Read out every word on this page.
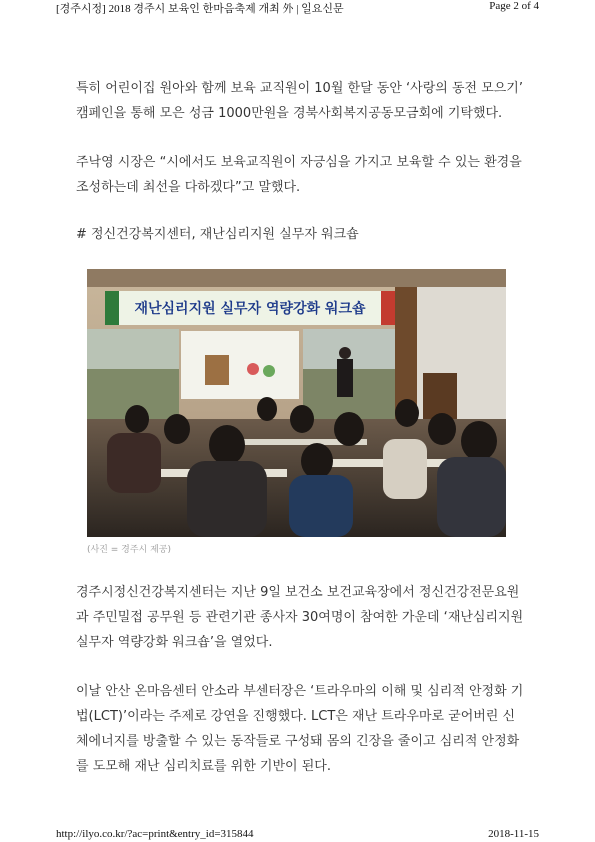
[경주시정] 2018 경주시 보육인 한마음축제 개최 外 | 일요신문	Page 2 of 4
특히 어린이집 원아와 함께 보육 교직원이 10월 한달 동안 ‘사랑의 동전 모으기’ 캠페인을 통해 모은 성금 1000만원을 경북사회복지공동모금회에 기탁했다.
주낙영 시장은 “시에서도 보육교직원이 자긍심을 가지고 보육할 수 있는 환경을 조성하는데 최선을 다하겠다”고 말했다.
# 정신건강복지센터, 재난심리지원 실무자 워크숍
재난심리지원 실무자 역량강화 워크숍
(사진 = 경주시 제공)
경주시정신건강복지센터는 지난 9일 보건소 보건교육장에서 정신건강전문요원과 주민밀접 공무원 등 관련기관 종사자 30여명이 참여한 가운데 ‘재난심리지원 실무자 역량강화 워크숍’을 열었다.
이날 안산 온마음센터 안소라 부센터장은 ‘트라우마의 이해 및 심리적 안정화 기법(LCT)’이라는 주제로 강연을 진행했다. LCT은 재난 트라우마로 굳어버린 신체에너지를 방출할 수 있는 동작들로 구성돼 몸의 긴장을 줄이고 심리적 안정화를 도모해 재난 심리치료를 위한 기반이 된다.
http://ilyo.co.kr/?ac=print&entry_id=315844	2018-11-15
